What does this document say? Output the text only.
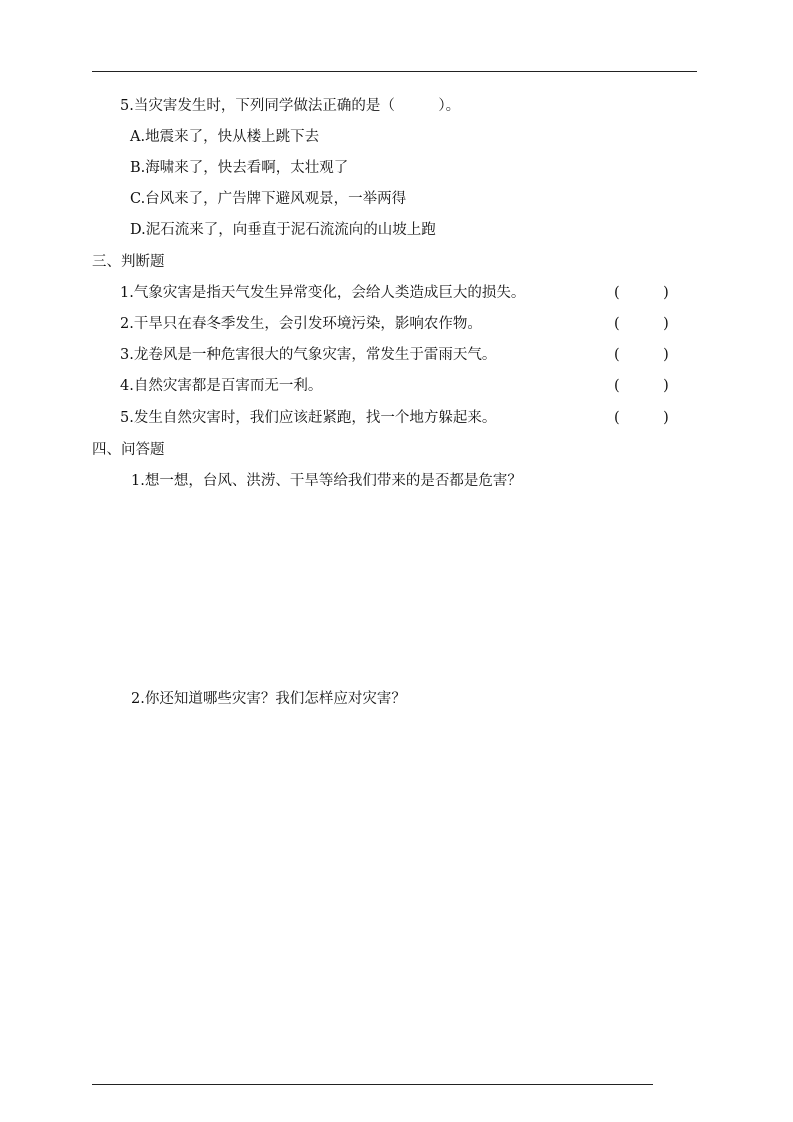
5.当灾害发生时，下列同学做法正确的是（　　　）。
A.地震来了，快从楼上跳下去
B.海啸来了，快去看啊，太壮观了
C.台风来了，广告牌下避风观景，一举两得
D.泥石流来了，向垂直于泥石流流向的山坡上跑
三、判断题
1.气象灾害是指天气发生异常变化，会给人类造成巨大的损失。	(　　　)
2.干旱只在春冬季发生，会引发环境污染，影响农作物。	(　　　)
3.龙卷风是一种危害很大的气象灾害，常发生于雷雨天气。	(　　　)
4.自然灾害都是百害而无一利。	(　　　)
5.发生自然灾害时，我们应该赶紧跑，找一个地方躲起来。	(　　　)
四、问答题
1.想一想，台风、洪涝、干旱等给我们带来的是否都是危害？
2.你还知道哪些灾害？我们怎样应对灾害？
